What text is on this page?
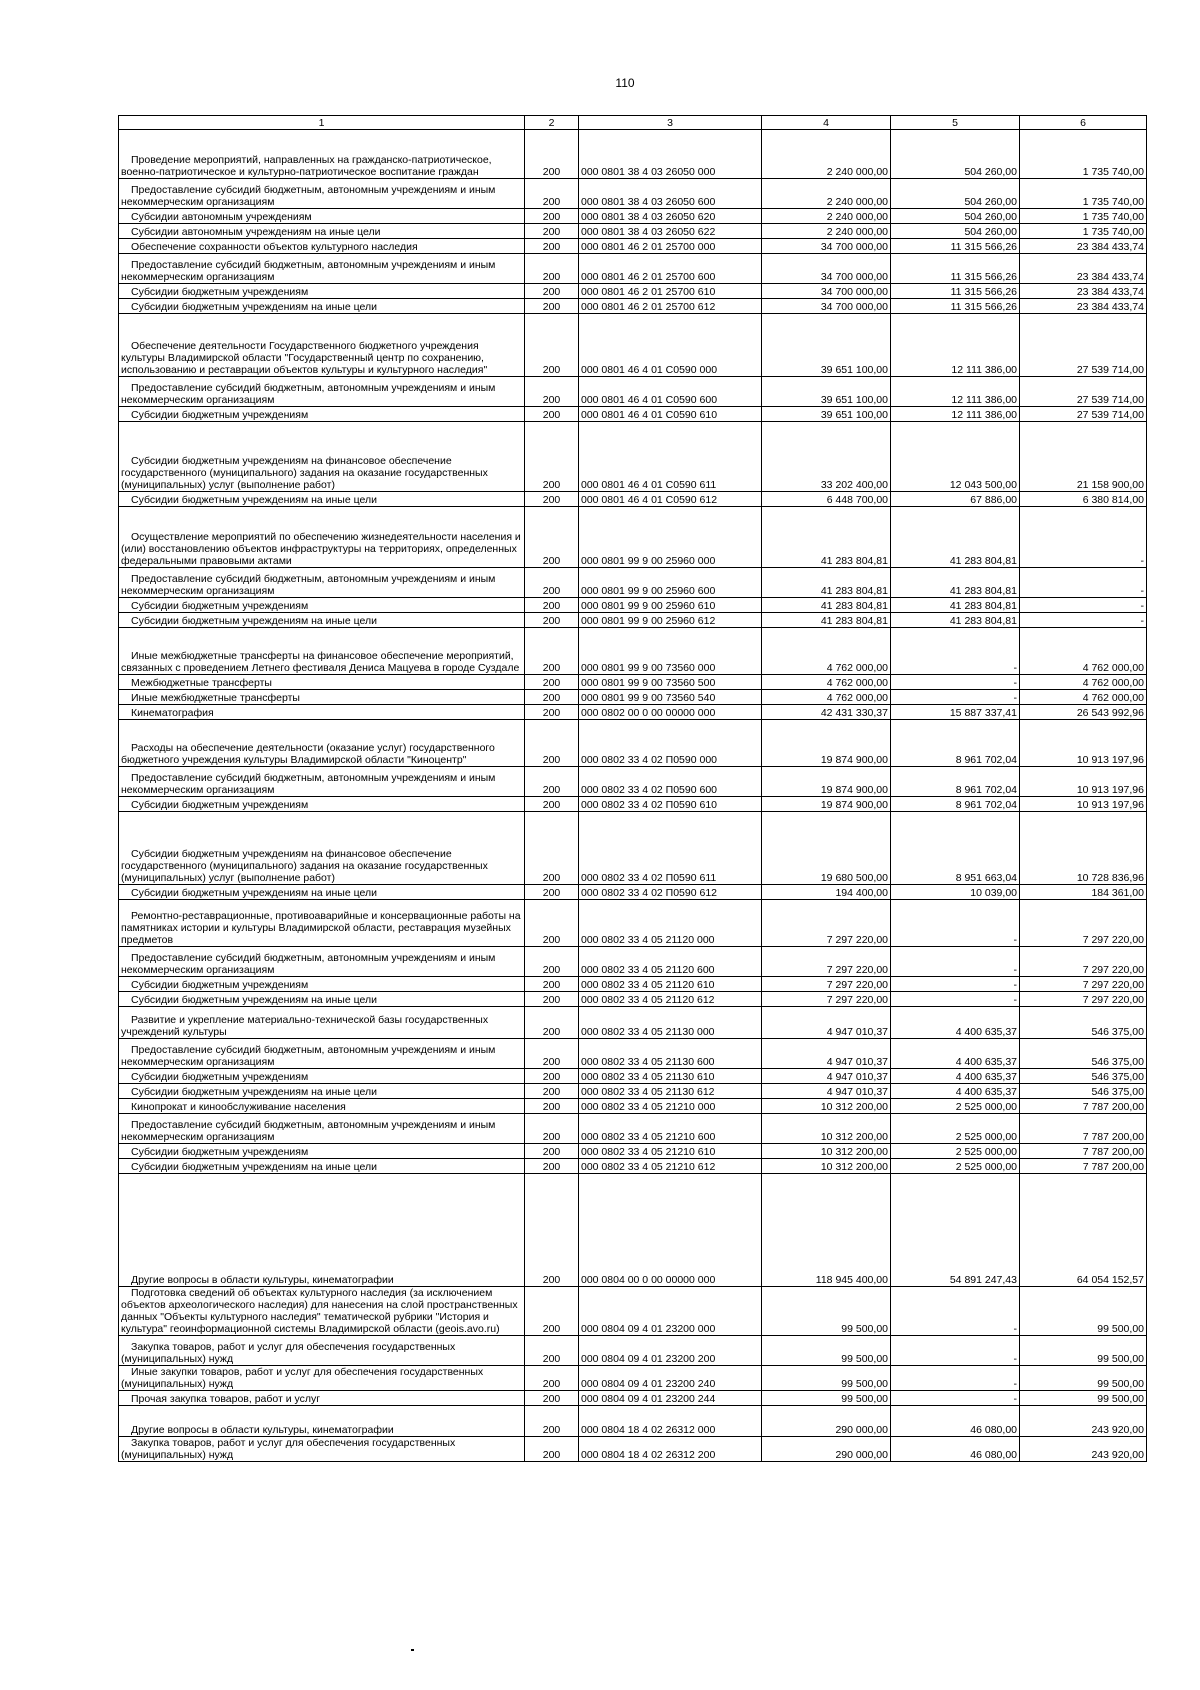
110
1	2	3	4	5	6

Проведение мероприятий, направленных на гражданско-патриотическое, военно-патриотическое и культурно-патриотическое воспитание граждан	200	000 0801 38 4 03 26050 000	2 240 000,00	504 260,00	1 735 740,00

Предоставление субсидий бюджетным, автономным учреждениям и иным некоммерческим организациям	200	000 0801 38 4 03 26050 600	2 240 000,00	504 260,00	1 735 740,00

Субсидии автономным учреждениям	200	000 0801 38 4 03 26050 620	2 240 000,00	504 260,00	1 735 740,00

Субсидии автономным учреждениям на иные цели	200	000 0801 38 4 03 26050 622	2 240 000,00	504 260,00	1 735 740,00

Обеспечение сохранности объектов культурного наследия	200	000 0801 46 2 01 25700 000	34 700 000,00	11 315 566,26	23 384 433,74

Предоставление субсидий бюджетным, автономным учреждениям и иным некоммерческим организациям	200	000 0801 46 2 01 25700 600	34 700 000,00	11 315 566,26	23 384 433,74

Субсидии бюджетным учреждениям	200	000 0801 46 2 01 25700 610	34 700 000,00	11 315 566,26	23 384 433,74

Субсидии бюджетным учреждениям на иные цели	200	000 0801 46 2 01 25700 612	34 700 000,00	11 315 566,26	23 384 433,74

Обеспечение деятельности Государственного бюджетного учреждения культуры Владимирской области "Государственный центр по сохранению, использованию и реставрации объектов культуры и культурного наследия"	200	000 0801 46 4 01 С0590 000	39 651 100,00	12 111 386,00	27 539 714,00

Предоставление субсидий бюджетным, автономным учреждениям и иным некоммерческим организациям	200	000 0801 46 4 01 С0590 600	39 651 100,00	12 111 386,00	27 539 714,00

Субсидии бюджетным учреждениям	200	000 0801 46 4 01 С0590 610	39 651 100,00	12 111 386,00	27 539 714,00

Субсидии бюджетным учреждениям на финансовое обеспечение государственного (муниципального) задания на оказание государственных (муниципальных) услуг (выполнение работ)	200	000 0801 46 4 01 С0590 611	33 202 400,00	12 043 500,00	21 158 900,00

Субсидии бюджетным учреждениям на иные цели	200	000 0801 46 4 01 С0590 612	6 448 700,00	67 886,00	6 380 814,00

Осуществление мероприятий по обеспечению жизнедеятельности населения и (или) восстановлению объектов инфраструктуры на территориях, определенных федеральными правовыми актами	200	000 0801 99 9 00 25960 000	41 283 804,81	41 283 804,81	-

Предоставление субсидий бюджетным, автономным учреждениям и иным некоммерческим организациям	200	000 0801 99 9 00 25960 600	41 283 804,81	41 283 804,81	-

Субсидии бюджетным учреждениям	200	000 0801 99 9 00 25960 610	41 283 804,81	41 283 804,81	-

Субсидии бюджетным учреждениям на иные цели	200	000 0801 99 9 00 25960 612	41 283 804,81	41 283 804,81	-

Иные межбюджетные трансферты на финансовое обеспечение мероприятий, связанных с проведением Летнего фестиваля Дениса Мацуева в городе Суздале	200	000 0801 99 9 00 73560 000	4 762 000,00	-	4 762 000,00

Межбюджетные трансферты	200	000 0801 99 9 00 73560 500	4 762 000,00	-	4 762 000,00

Иные межбюджетные трансферты	200	000 0801 99 9 00 73560 540	4 762 000,00	-	4 762 000,00

Кинематография	200	000 0802 00 0 00 00000 000	42 431 330,37	15 887 337,41	26 543 992,96

Расходы на обеспечение деятельности (оказание услуг) государственного бюджетного учреждения культуры Владимирской области "Киноцентр"	200	000 0802 33 4 02 П0590 000	19 874 900,00	8 961 702,04	10 913 197,96

Предоставление субсидий бюджетным, автономным учреждениям и иным некоммерческим организациям	200	000 0802 33 4 02 П0590 600	19 874 900,00	8 961 702,04	10 913 197,96

Субсидии бюджетным учреждениям	200	000 0802 33 4 02 П0590 610	19 874 900,00	8 961 702,04	10 913 197,96

Субсидии бюджетным учреждениям на финансовое обеспечение государственного (муниципального) задания на оказание государственных (муниципальных) услуг (выполнение работ)	200	000 0802 33 4 02 П0590 611	19 680 500,00	8 951 663,04	10 728 836,96

Субсидии бюджетным учреждениям на иные цели	200	000 0802 33 4 02 П0590 612	194 400,00	10 039,00	184 361,00

Ремонтно-реставрационные, противоаварийные и консервационные работы на памятниках истории и культуры Владимирской области, реставрация музейных предметов	200	000 0802 33 4 05 21120 000	7 297 220,00	-	7 297 220,00

Предоставление субсидий бюджетным, автономным учреждениям и иным некоммерческим организациям	200	000 0802 33 4 05 21120 600	7 297 220,00	-	7 297 220,00

Субсидии бюджетным учреждениям	200	000 0802 33 4 05 21120 610	7 297 220,00	-	7 297 220,00

Субсидии бюджетным учреждениям на иные цели	200	000 0802 33 4 05 21120 612	7 297 220,00	-	7 297 220,00

Развитие и укрепление материально-технической базы государственных учреждений культуры	200	000 0802 33 4 05 21130 000	4 947 010,37	4 400 635,37	546 375,00

Предоставление субсидий бюджетным, автономным учреждениям и иным некоммерческим организациям	200	000 0802 33 4 05 21130 600	4 947 010,37	4 400 635,37	546 375,00

Субсидии бюджетным учреждениям	200	000 0802 33 4 05 21130 610	4 947 010,37	4 400 635,37	546 375,00

Субсидии бюджетным учреждениям на иные цели	200	000 0802 33 4 05 21130 612	4 947 010,37	4 400 635,37	546 375,00

Кинопрокат и кинообслуживание населения	200	000 0802 33 4 05 21210 000	10 312 200,00	2 525 000,00	7 787 200,00

Предоставление субсидий бюджетным, автономным учреждениям и иным некоммерческим организациям	200	000 0802 33 4 05 21210 600	10 312 200,00	2 525 000,00	7 787 200,00

Субсидии бюджетным учреждениям	200	000 0802 33 4 05 21210 610	10 312 200,00	2 525 000,00	7 787 200,00

Субсидии бюджетным учреждениям на иные цели	200	000 0802 33 4 05 21210 612	10 312 200,00	2 525 000,00	7 787 200,00

Другие вопросы в области культуры, кинематографии	200	000 0804 00 0 00 00000 000	118 945 400,00	54 891 247,43	64 054 152,57

Подготовка сведений об объектах культурного наследия (за исключением объектов археологического наследия) для нанесения на слой пространственных данных "Объекты культурного наследия" тематической рубрики "История и культура" геоинформационной системы Владимирской области (geois.avo.ru)	200	000 0804 09 4 01 23200 000	99 500,00	-	99 500,00

Закупка товаров, работ и услуг для обеспечения государственных (муниципальных) нужд	200	000 0804 09 4 01 23200 200	99 500,00	-	99 500,00

Иные закупки товаров, работ и услуг для обеспечения государственных (муниципальных) нужд	200	000 0804 09 4 01 23200 240	99 500,00	-	99 500,00

Прочая закупка товаров, работ и услуг	200	000 0804 09 4 01 23200 244	99 500,00	-	99 500,00

Другие вопросы в области культуры, кинематографии	200	000 0804 18 4 02 26312 000	290 000,00	46 080,00	243 920,00

Закупка товаров, работ и услуг для обеспечения государственных (муниципальных) нужд	200	000 0804 18 4 02 26312 200	290 000,00	46 080,00	243 920,00
